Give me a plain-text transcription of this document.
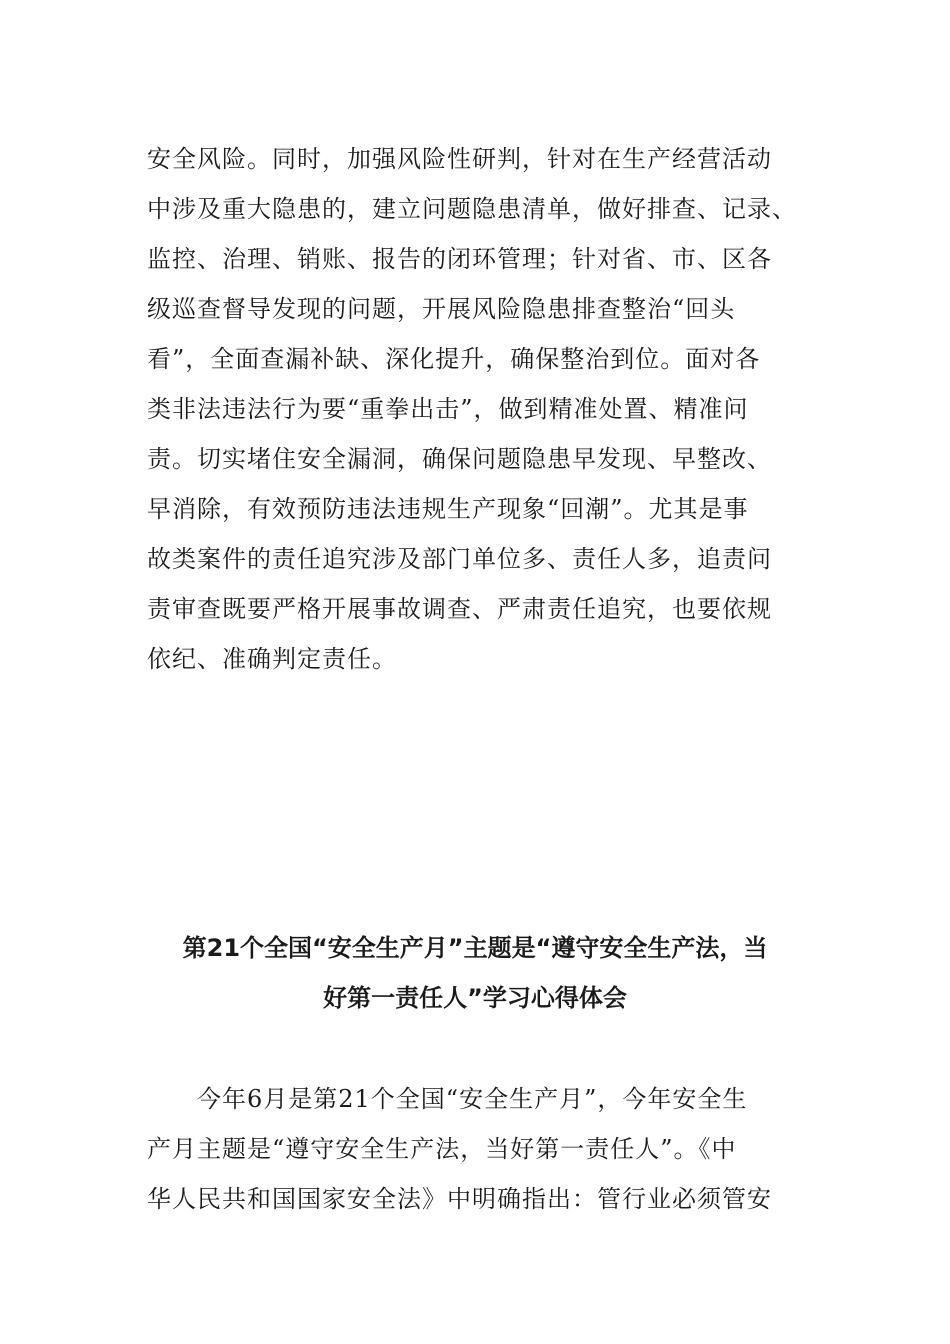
安全风险。同时，加强风险性研判，针对在生产经营活动
中涉及重大隐患的，建立问题隐患清单，做好排查、记录、
监控、治理、销账、报告的闭环管理；针对省、市、区各
级巡查督导发现的问题，开展风险隐患排查整治“回头
看”，全面查漏补缺、深化提升，确保整治到位。面对各
类非法违法行为要“重拳出击”，做到精准处置、精准问
责。切实堵住安全漏洞，确保问题隐患早发现、早整改、
早消除，有效预防违法违规生产现象“回潮”。尤其是事
故类案件的责任追究涉及部门单位多、责任人多，追责问
责审查既要严格开展事故调查、严肃责任追究，也要依规
依纪、准确判定责任。
第21个全国“安全生产月”主题是“遵守安全生产法，当
好第一责任人”学习心得体会
　　今年6月是第21个全国“安全生产月”，今年安全生
产月主题是“遵守安全生产法，当好第一责任人”。《中
华人民共和国国家安全法》中明确指出：管行业必须管安
